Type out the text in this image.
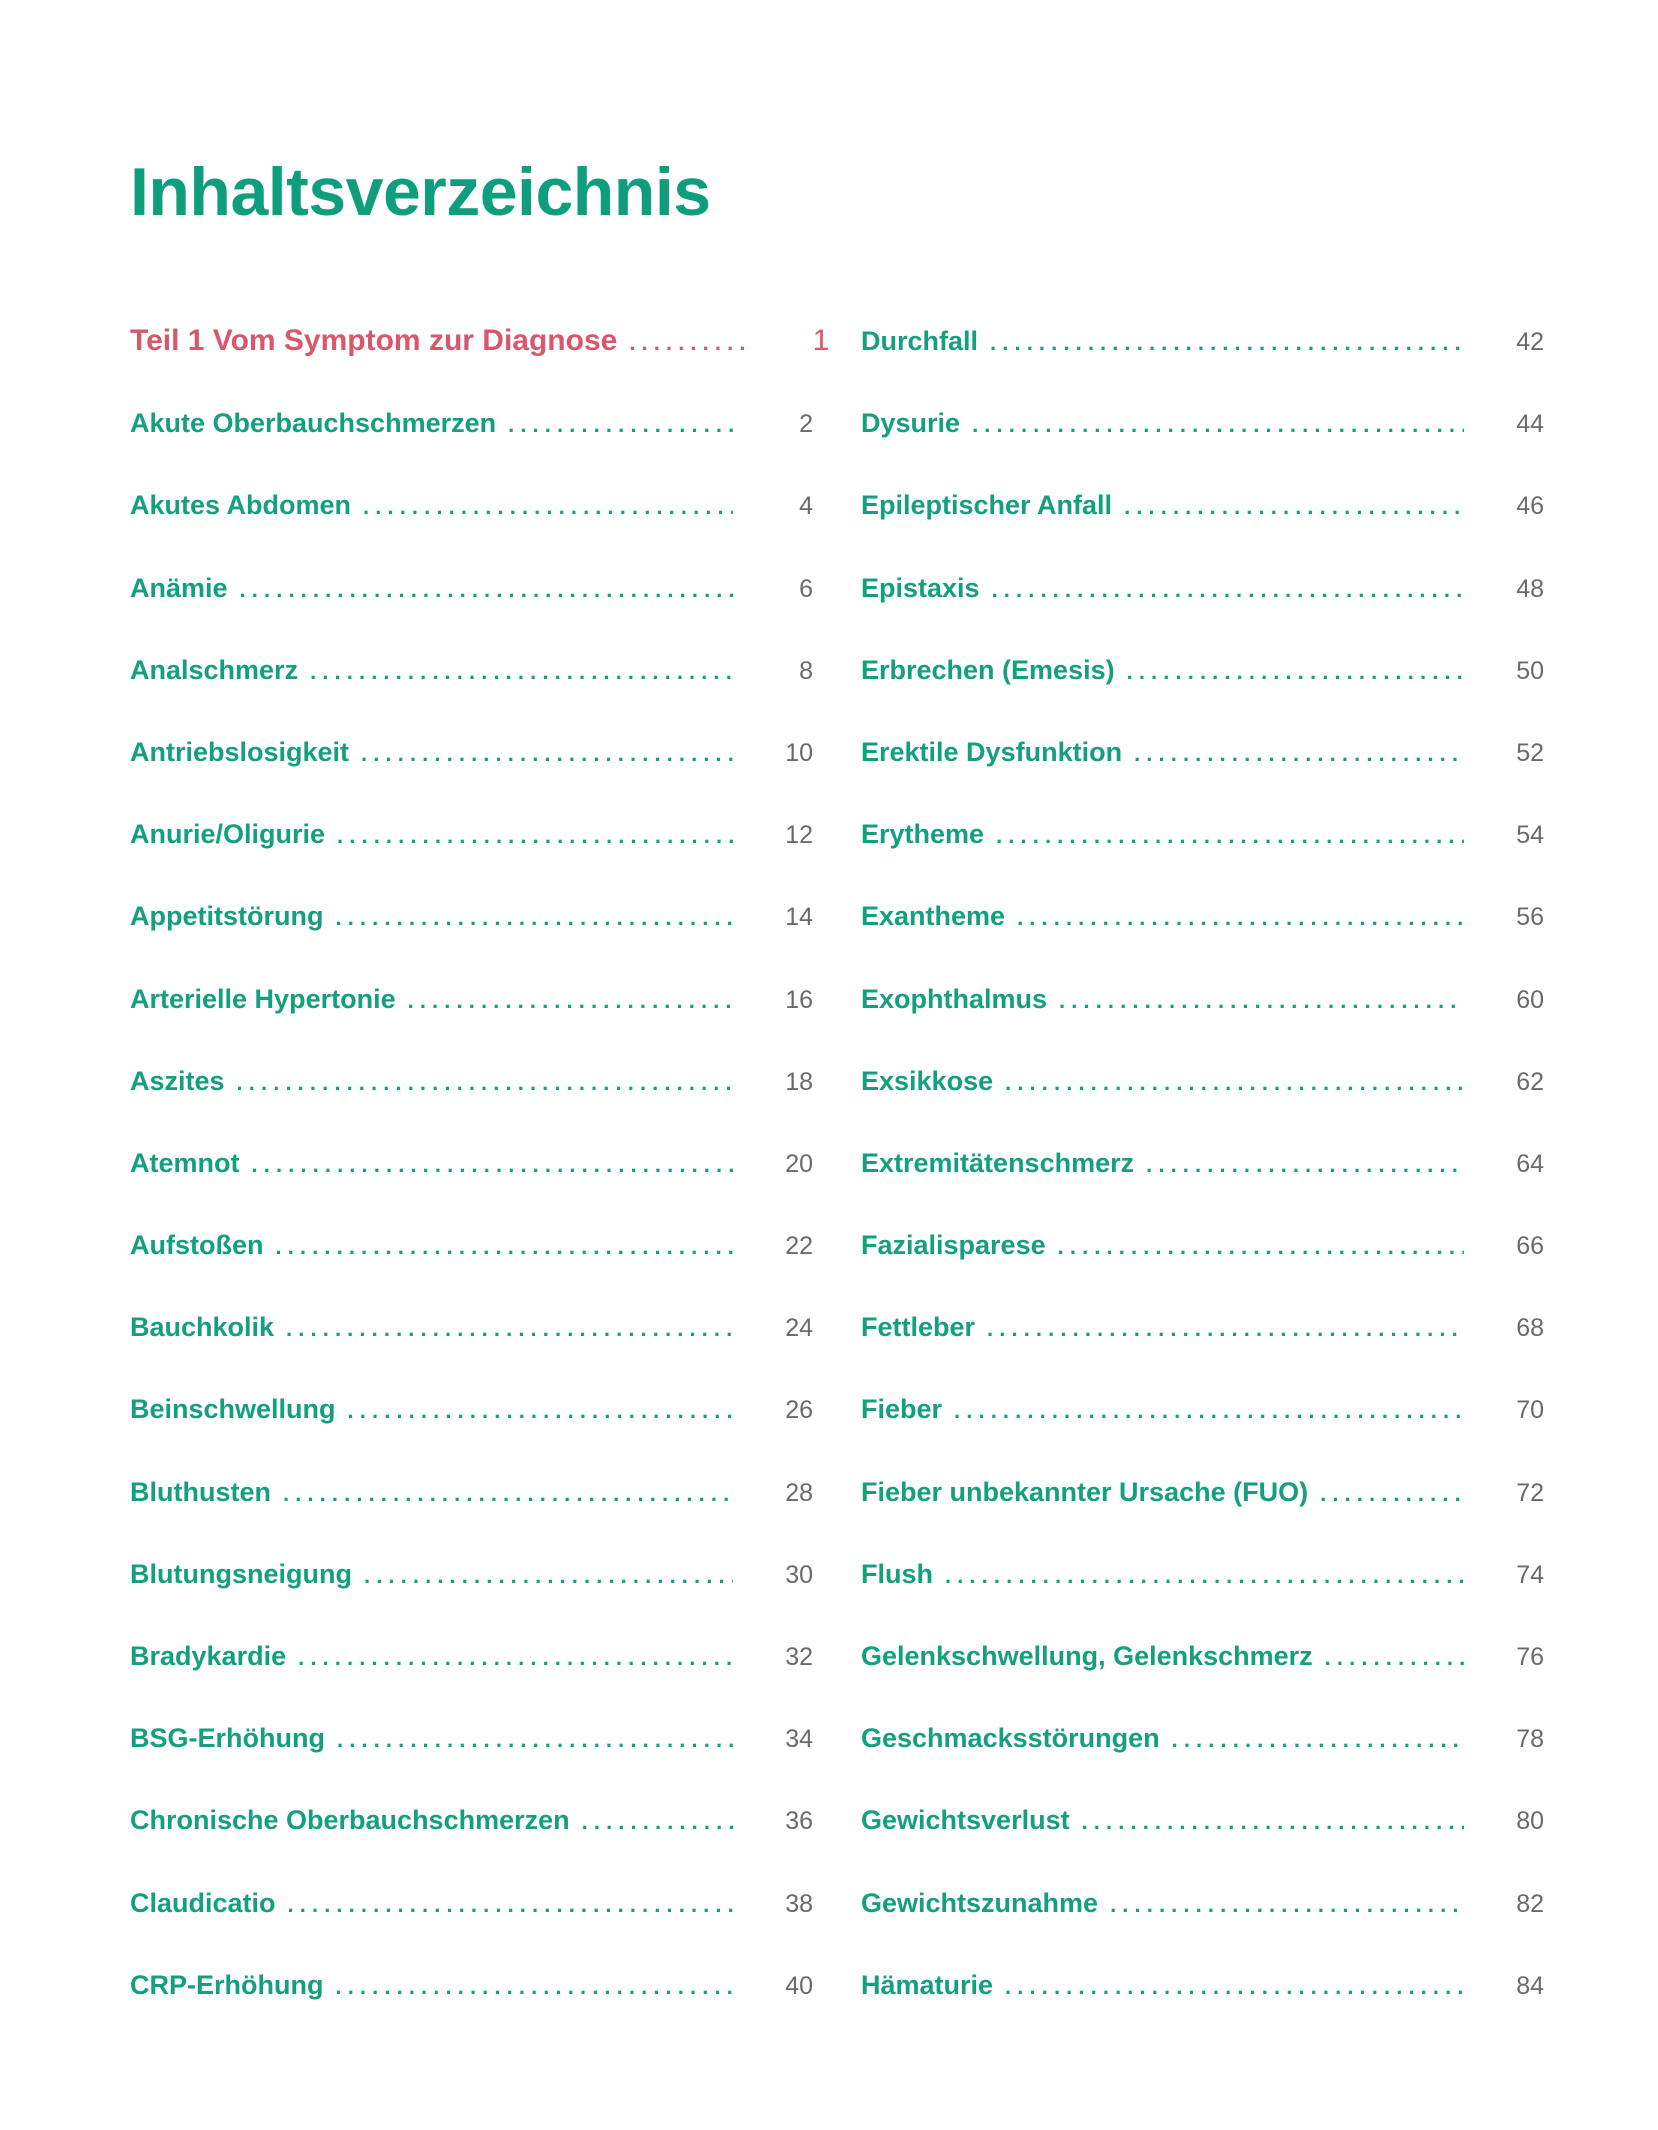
Inhaltsverzeichnis
Teil 1 Vom Symptom zur Diagnose . . .	1
Akute Oberbauchschmerzen . . .	2
Akutes Abdomen . . .	4
Anämie . . .	6
Analschmerz . . .	8
Antriebslosigkeit . . .	10
Anurie/Oligurie . . .	12
Appetitstörung . . .	14
Arterielle Hypertonie . . .	16
Aszites . . .	18
Atemnot . . .	20
Aufstoßen . . .	22
Bauchkolik . . .	24
Beinschwellung . . .	26
Bluthusten . . .	28
Blutungsneigung . . .	30
Bradykardie . . .	32
BSG-Erhöhung . . .	34
Chronische Oberbauchschmerzen . . .	36
Claudicatio . . .	38
CRP-Erhöhung . . .	40
Durchfall . . .	42
Dysurie . . .	44
Epileptischer Anfall . . .	46
Epistaxis . . .	48
Erbrechen (Emesis) . . .	50
Erektile Dysfunktion . . .	52
Erytheme . . .	54
Exantheme . . .	56
Exophthalmus . . .	60
Exsikkose . . .	62
Extremitätenschmerz . . .	64
Fazialisparese . . .	66
Fettleber . . .	68
Fieber . . .	70
Fieber unbekannter Ursache (FUO) . . .	72
Flush . . .	74
Gelenkschwellung, Gelenkschmerz . . .	76
Geschmacksstörungen . . .	78
Gewichtsverlust . . .	80
Gewichtszunahme . . .	82
Hämaturie . . .	84
